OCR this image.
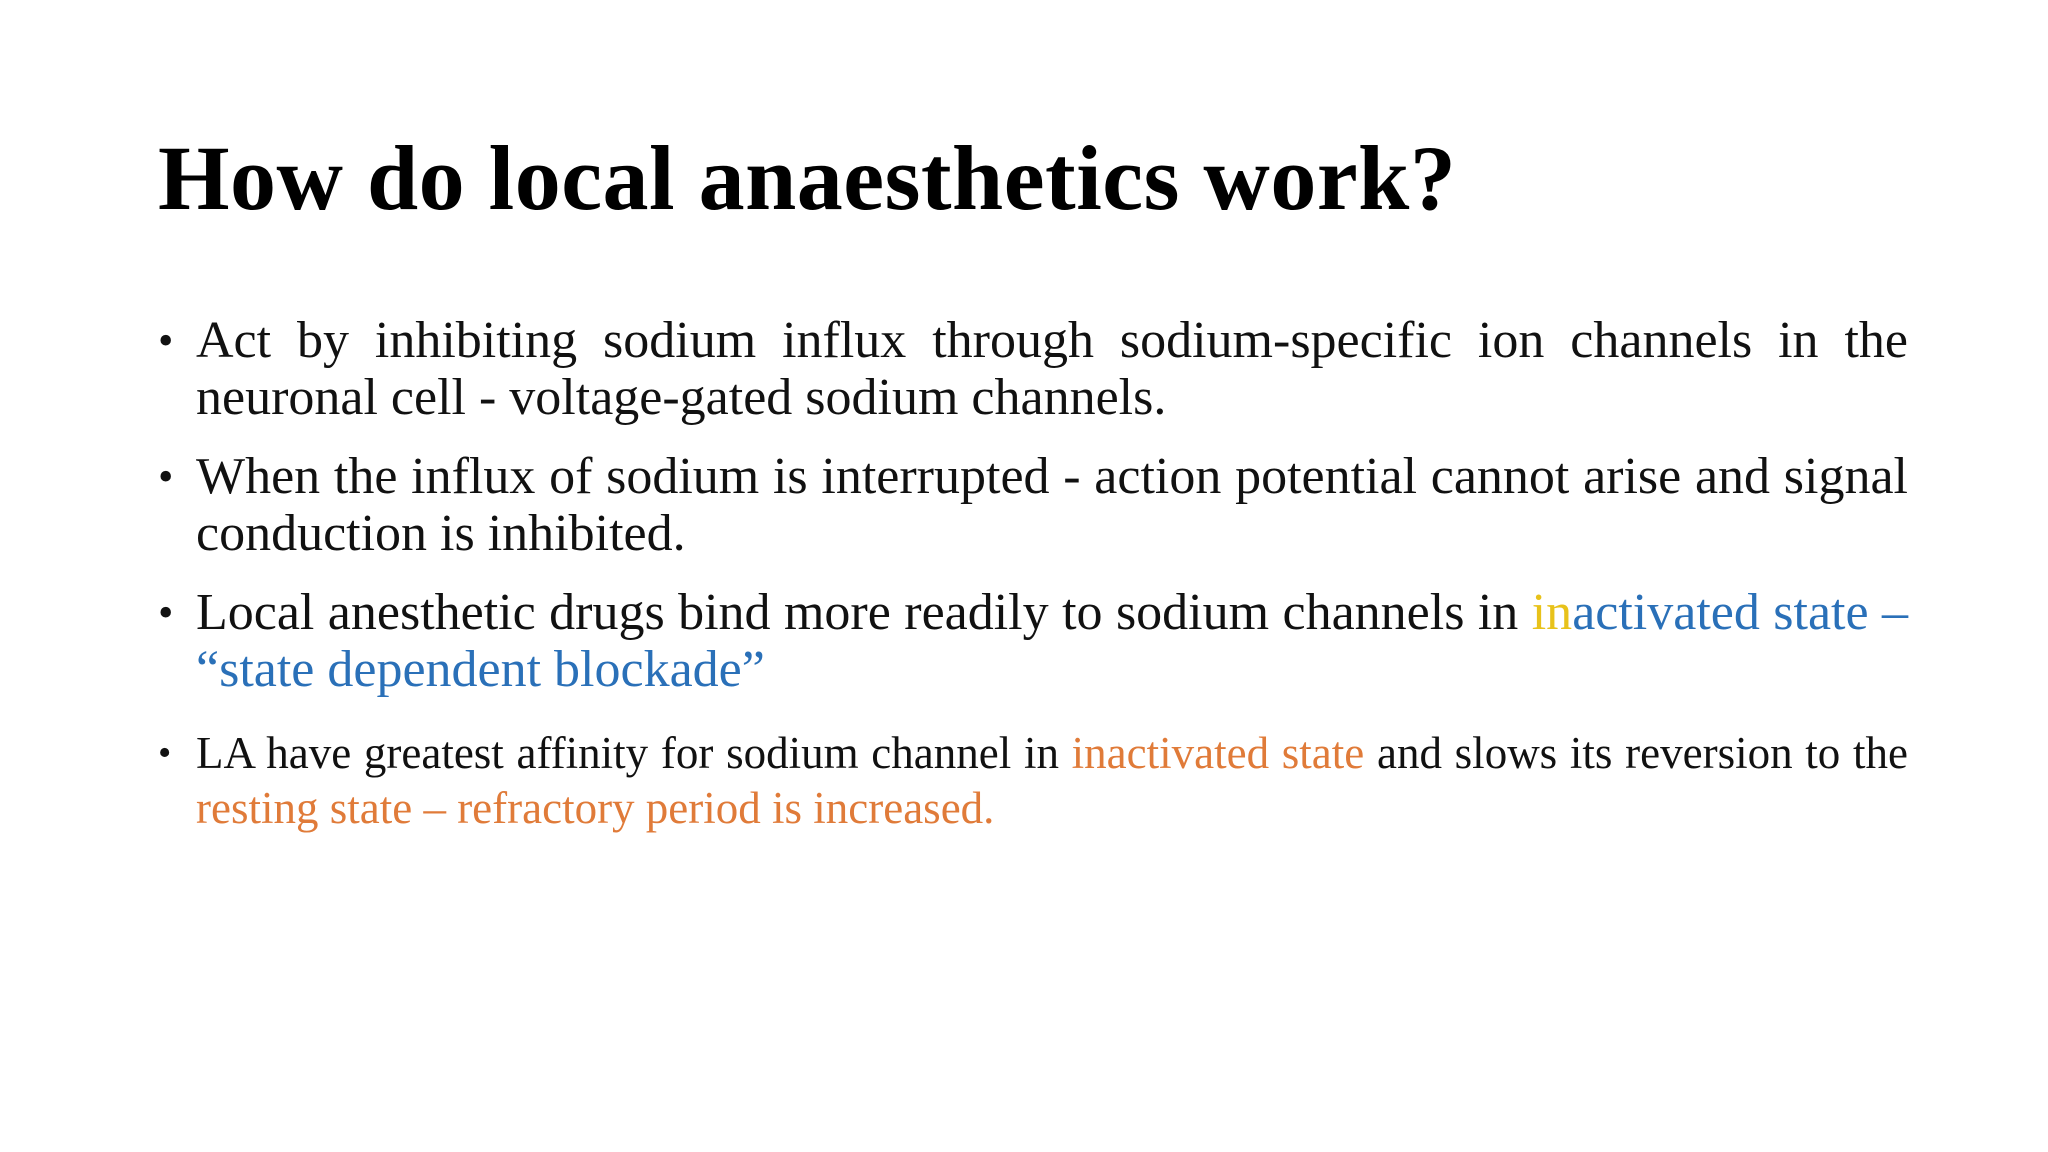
How do local anaesthetics work?
• Act by inhibiting sodium influx through sodium-specific ion channels in the neuronal cell - voltage-gated sodium channels.
• When the influx of sodium is interrupted - action potential cannot arise and signal conduction is inhibited.
• Local anesthetic drugs bind more readily to sodium channels in inactivated state – “state dependent blockade”
• LA have greatest affinity for sodium channel in inactivated state and slows its reversion to the resting state – refractory period is increased.
